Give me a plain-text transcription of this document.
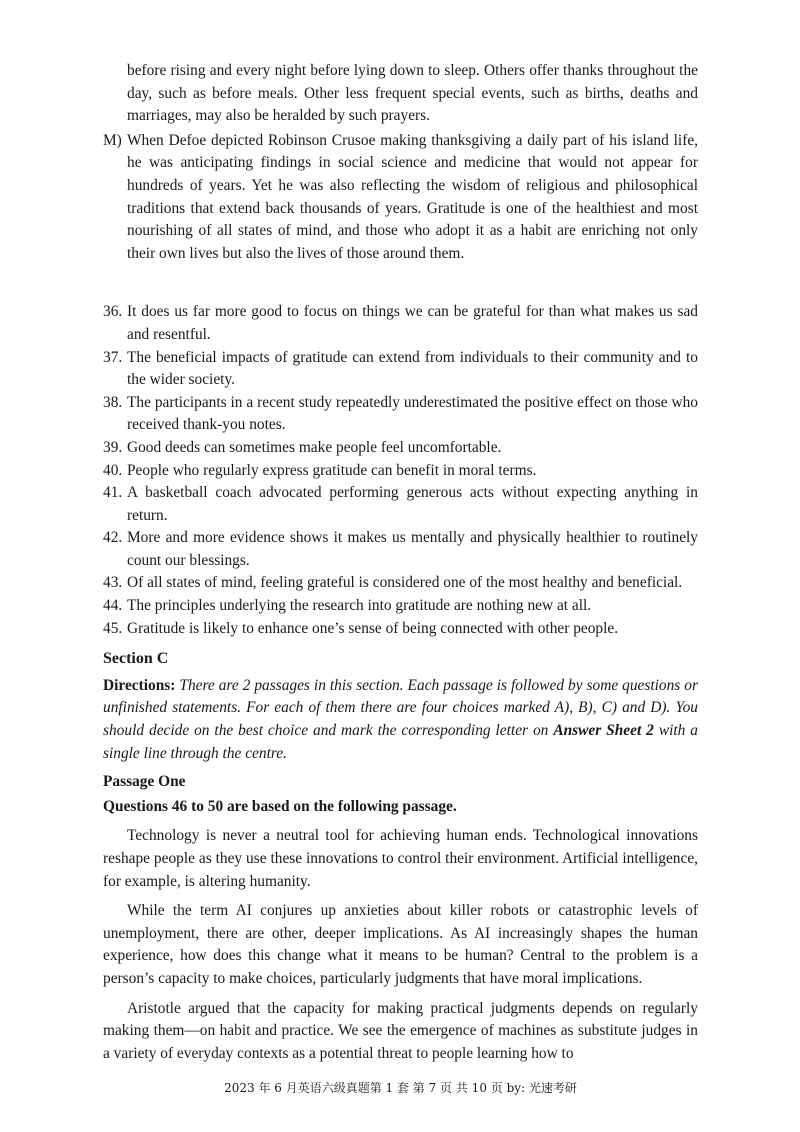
before rising and every night before lying down to sleep. Others offer thanks throughout the day, such as before meals. Other less frequent special events, such as births, deaths and marriages, may also be heralded by such prayers.
M) When Defoe depicted Robinson Crusoe making thanksgiving a daily part of his island life, he was anticipating findings in social science and medicine that would not appear for hundreds of years. Yet he was also reflecting the wisdom of religious and philosophical traditions that extend back thousands of years. Gratitude is one of the healthiest and most nourishing of all states of mind, and those who adopt it as a habit are enriching not only their own lives but also the lives of those around them.

36. It does us far more good to focus on things we can be grateful for than what makes us sad and resentful.

37. The beneficial impacts of gratitude can extend from individuals to their community and to the wider society.

38. The participants in a recent study repeatedly underestimated the positive effect on those who received thank-you notes.

39. Good deeds can sometimes make people feel uncomfortable.

40. People who regularly express gratitude can benefit in moral terms.

41. A basketball coach advocated performing generous acts without expecting anything in return.

42. More and more evidence shows it makes us mentally and physically healthier to routinely count our blessings.

43. Of all states of mind, feeling grateful is considered one of the most healthy and beneficial.

44. The principles underlying the research into gratitude are nothing new at all.

45. Gratitude is likely to enhance one’s sense of being connected with other people.

Section C
Directions: There are 2 passages in this section. Each passage is followed by some questions or unfinished statements. For each of them there are four choices marked A), B), C) and D). You should decide on the best choice and mark the corresponding letter on Answer Sheet 2 with a single line through the centre.
Passage One
Questions 46 to 50 are based on the following passage.

Technology is never a neutral tool for achieving human ends. Technological innovations reshape people as they use these innovations to control their environment. Artificial intelligence, for example, is altering humanity.

While the term AI conjures up anxieties about killer robots or catastrophic levels of unemployment, there are other, deeper implications. As AI increasingly shapes the human experience, how does this change what it means to be human? Central to the problem is a person’s capacity to make choices, particularly judgments that have moral implications.

Aristotle argued that the capacity for making practical judgments depends on regularly making them—on habit and practice. We see the emergence of machines as substitute judges in a variety of everyday contexts as a potential threat to people learning how to

2023 年 6 月英语六级真题第 1 套 第 7 页 共 10 页 by: 光速考研
